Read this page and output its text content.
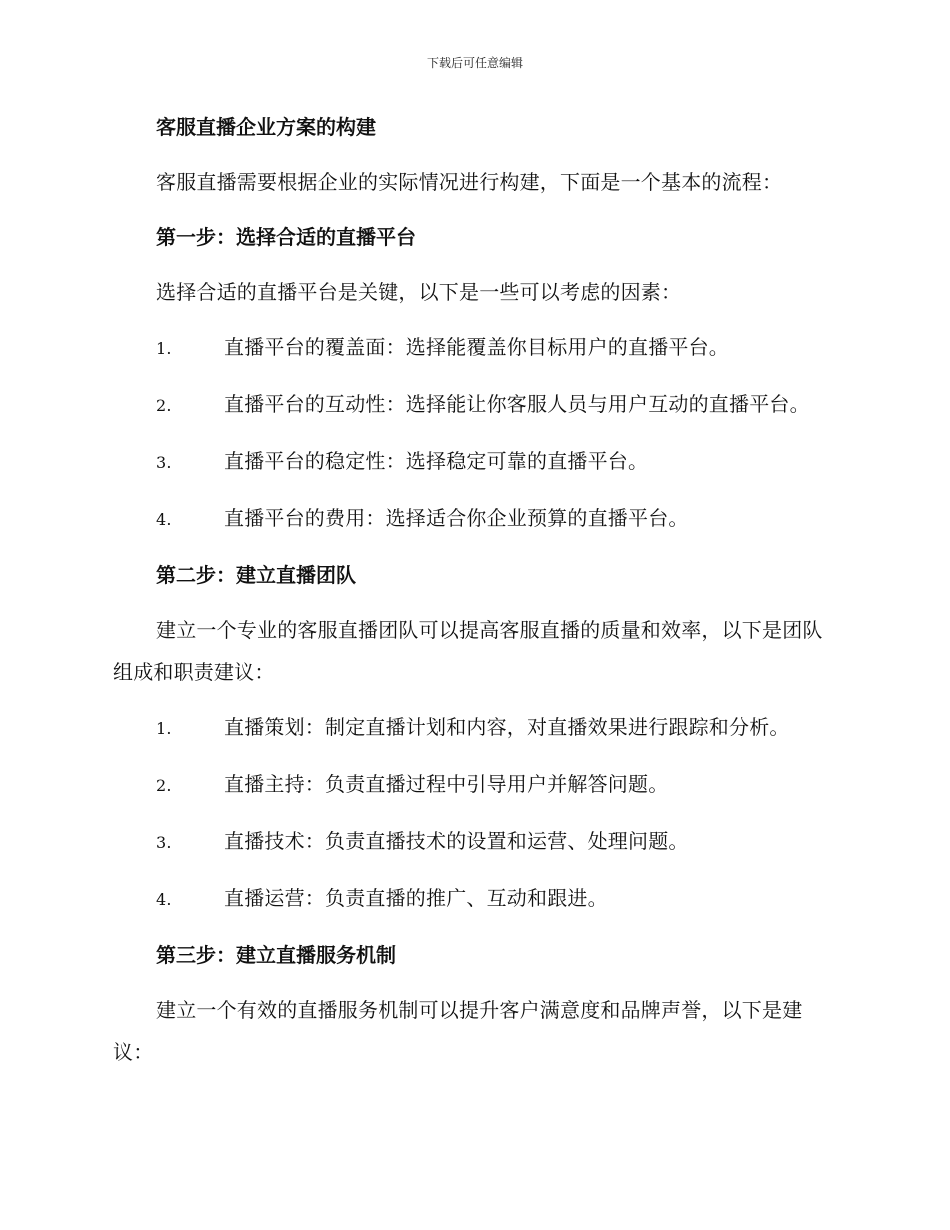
下载后可任意编辑
客服直播企业方案的构建
客服直播需要根据企业的实际情况进行构建，下面是一个基本的流程：
第一步：选择合适的直播平台
选择合适的直播平台是关键，以下是一些可以考虑的因素：
1.	直播平台的覆盖面：选择能覆盖你目标用户的直播平台。
2.	直播平台的互动性：选择能让你客服人员与用户互动的直播平台。
3.	直播平台的稳定性：选择稳定可靠的直播平台。
4.	直播平台的费用：选择适合你企业预算的直播平台。
第二步：建立直播团队
建立一个专业的客服直播团队可以提高客服直播的质量和效率，以下是团队组成和职责建议：
1.	直播策划：制定直播计划和内容，对直播效果进行跟踪和分析。
2.	直播主持：负责直播过程中引导用户并解答问题。
3.	直播技术：负责直播技术的设置和运营、处理问题。
4.	直播运营：负责直播的推广、互动和跟进。
第三步：建立直播服务机制
建立一个有效的直播服务机制可以提升客户满意度和品牌声誉，以下是建议：
